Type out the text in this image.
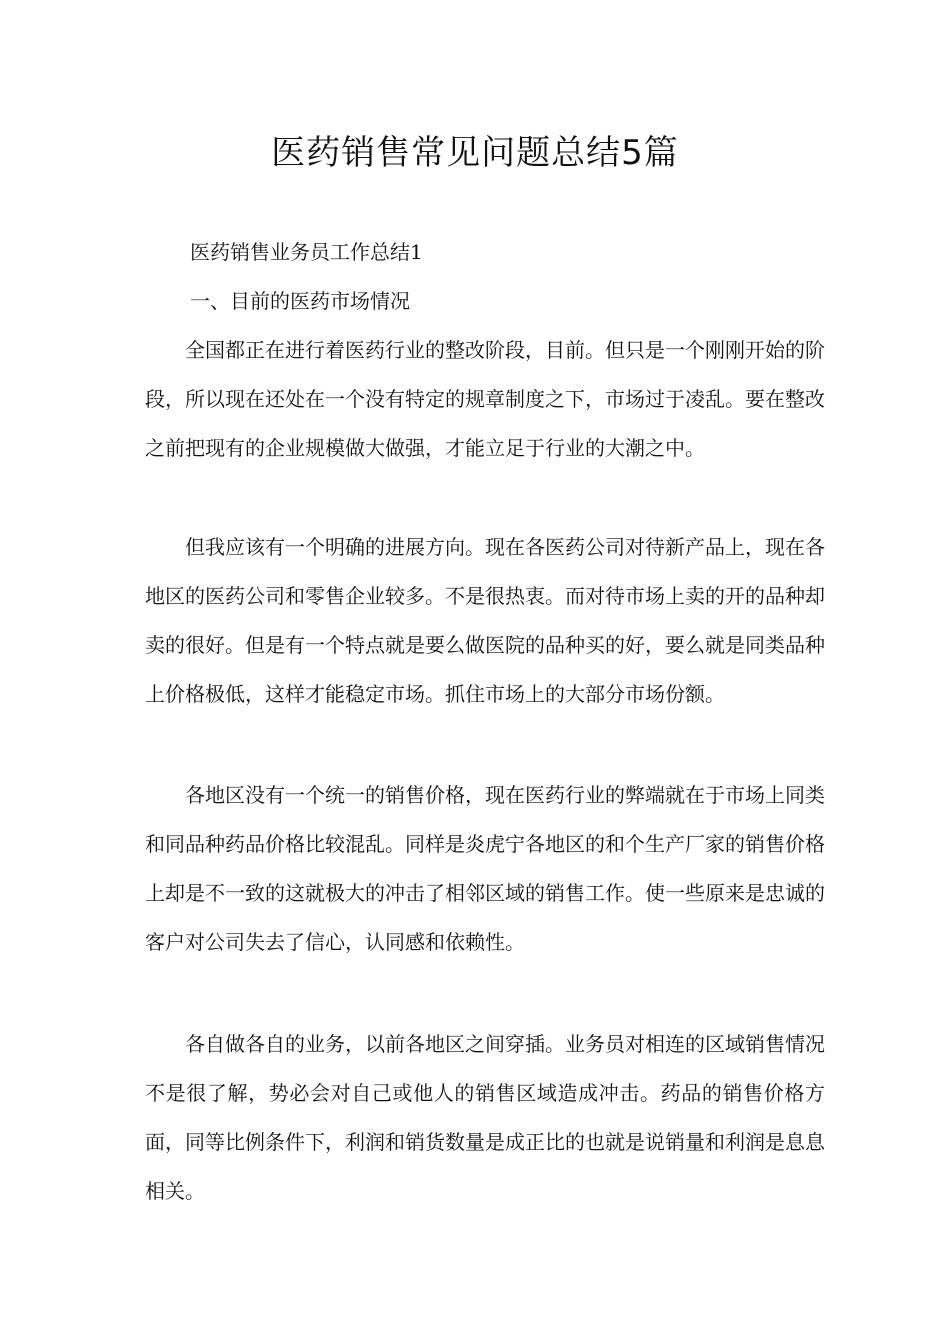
医药销售常见问题总结5篇

医药销售业务员工作总结1

一、目前的医药市场情况

全国都正在进行着医药行业的整改阶段，目前。但只是一个刚刚开始的阶段，所以现在还处在一个没有特定的规章制度之下，市场过于凌乱。要在整改之前把现有的企业规模做大做强，才能立足于行业的大潮之中。

但我应该有一个明确的进展方向。现在各医药公司对待新产品上，现在各地区的医药公司和零售企业较多。不是很热衷。而对待市场上卖的开的品种却卖的很好。但是有一个特点就是要么做医院的品种买的好，要么就是同类品种上价格极低，这样才能稳定市场。抓住市场上的大部分市场份额。

各地区没有一个统一的销售价格，现在医药行业的弊端就在于市场上同类和同品种药品价格比较混乱。同样是炎虎宁各地区的和个生产厂家的销售价格上却是不一致的这就极大的冲击了相邻区域的销售工作。使一些原来是忠诚的客户对公司失去了信心，认同感和依赖性。

各自做各自的业务，以前各地区之间穿插。业务员对相连的区域销售情况不是很了解，势必会对自己或他人的销售区域造成冲击。药品的销售价格方面，同等比例条件下，利润和销货数量是成正比的也就是说销量和利润是息息相关。
